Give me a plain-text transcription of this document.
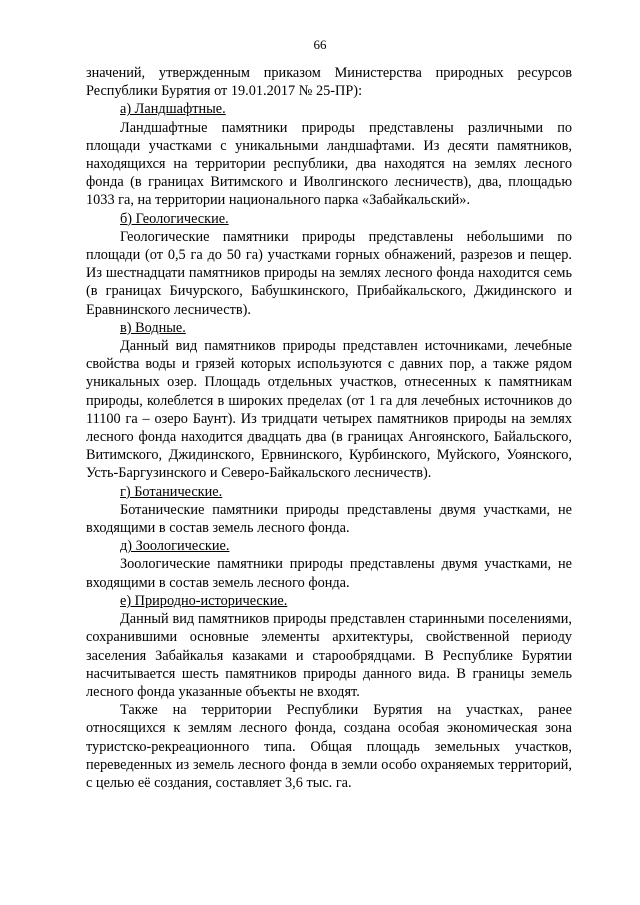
66

значений, утвержденным приказом Министерства природных ресурсов Республики Бурятия от 19.01.2017 № 25-ПР):

а) Ландшафтные.

Ландшафтные памятники природы представлены различными по площади участками с уникальными ландшафтами. Из десяти памятников, находящихся на территории республики, два находятся на землях лесного фонда (в границах Витимского и Иволгинского лесничеств), два, площадью 1033 га, на территории национального парка «Забайкальский».

б) Геологические.

Геологические памятники природы представлены небольшими по площади (от 0,5 га до 50 га) участками горных обнажений, разрезов и пещер. Из шестнадцати памятников природы на землях лесного фонда находится семь (в границах Бичурского, Бабушкинского, Прибайкальского, Джидинского и Еравнинского лесничеств).

в) Водные.

Данный вид памятников природы представлен источниками, лечебные свойства воды и грязей которых используются с давних пор, а также рядом уникальных озер. Площадь отдельных участков, отнесенных к памятникам природы, колеблется в широких пределах (от 1 га для лечебных источников до 11100 га – озеро Баунт). Из тридцати четырех памятников природы на землях лесного фонда находится двадцать два (в границах Ангоянского, Байальского, Витимского, Джидинского, Ервнинского, Курбинского, Муйского, Уоянского, Усть-Баргузинского и Северо-Байкальского лесничеств).

г) Ботанические.

Ботанические памятники природы представлены двумя участками, не входящими в состав земель лесного фонда.

д) Зоологические.

Зоологические памятники природы представлены двумя участками, не входящими в состав земель лесного фонда.

е) Природно-исторические.

Данный вид памятников природы представлен старинными поселениями, сохранившими основные элементы архитектуры, свойственной периоду заселения Забайкалья казаками и старообрядцами. В Республике Бурятии насчитывается шесть памятников природы данного вида. В границы земель лесного фонда указанные объекты не входят.

Также на территории Республики Бурятия на участках, ранее относящихся к землям лесного фонда, создана особая экономическая зона туристско-рекреационного типа. Общая площадь земельных участков, переведенных из земель лесного фонда в земли особо охраняемых территорий, с целью её создания, составляет 3,6 тыс. га.
